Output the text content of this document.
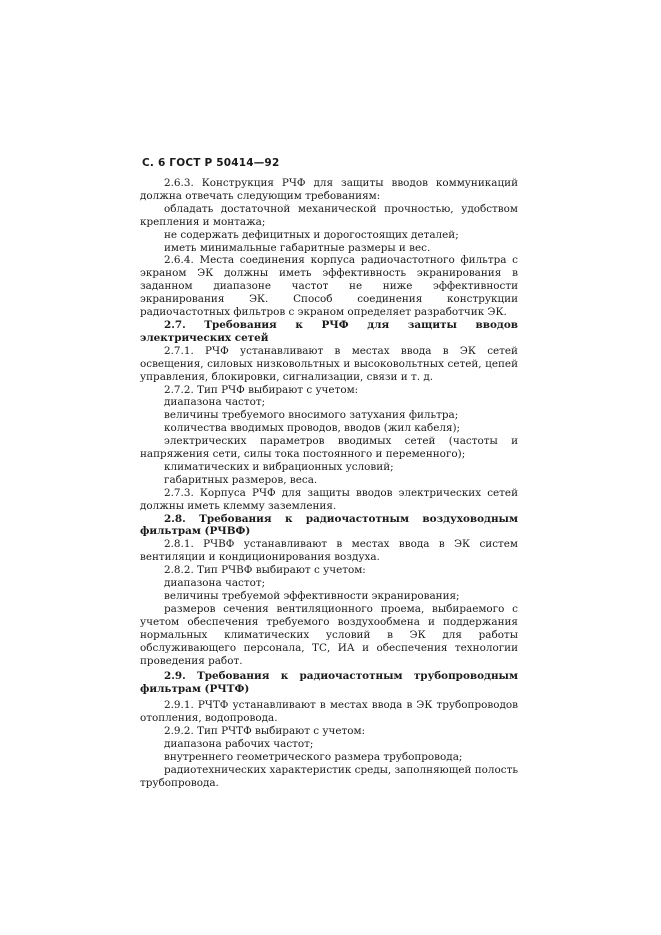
С. 6 ГОСТ Р 50414—92

2.6.3. Конструкция РЧФ для защиты вводов коммуникаций должна отвечать следующим требованиям:

обладать достаточной механической прочностью, удобством крепления и монтажа;

не содержать дефицитных и дорогостоящих деталей;

иметь минимальные габаритные размеры и вес.

2.6.4. Места соединения корпуса радиочастотного фильтра с экраном ЭК должны иметь эффективность экранирования в заданном диапазоне частот не ниже эффективности экранирования ЭК. Способ соединения конструкции радиочастотных фильтров с экраном определяет разработчик ЭК.

2.7. Требования к РЧФ для защиты вводов электрических сетей

2.7.1. РЧФ устанавливают в местах ввода в ЭК сетей освещения, силовых низковольтных и высоковольтных сетей, цепей управления, блокировки, сигнализации, связи и т. д.

2.7.2. Тип РЧФ выбирают с учетом:

диапазона частот;

величины требуемого вносимого затухания фильтра;

количества вводимых проводов, вводов (жил кабеля);

электрических параметров вводимых сетей (частоты и напряжения сети, силы тока постоянного и переменного);

климатических и вибрационных условий;

габаритных размеров, веса.

2.7.3. Корпуса РЧФ для защиты вводов электрических сетей должны иметь клемму заземления.

2.8. Требования к радиочастотным воздуховодным фильтрам (РЧВФ)

2.8.1. РЧВФ устанавливают в местах ввода в ЭК систем вентиляции и кондиционирования воздуха.

2.8.2. Тип РЧВФ выбирают с учетом:

диапазона частот;

величины требуемой эффективности экранирования;

размеров сечения вентиляционного проема, выбираемого с учетом обеспечения требуемого воздухообмена и поддержания нормальных климатических условий в ЭК для работы обслуживающего персонала, ТС, ИА и обеспечения технологии проведения работ.

2.9. Требования к радиочастотным трубопроводным фильтрам (РЧТФ)

2.9.1. РЧТФ устанавливают в местах ввода в ЭК трубопроводов отопления, водопровода.

2.9.2. Тип РЧТФ выбирают с учетом:

диапазона рабочих частот;

внутреннего геометрического размера трубопровода;

радиотехнических характеристик среды, заполняющей полость трубопровода.
